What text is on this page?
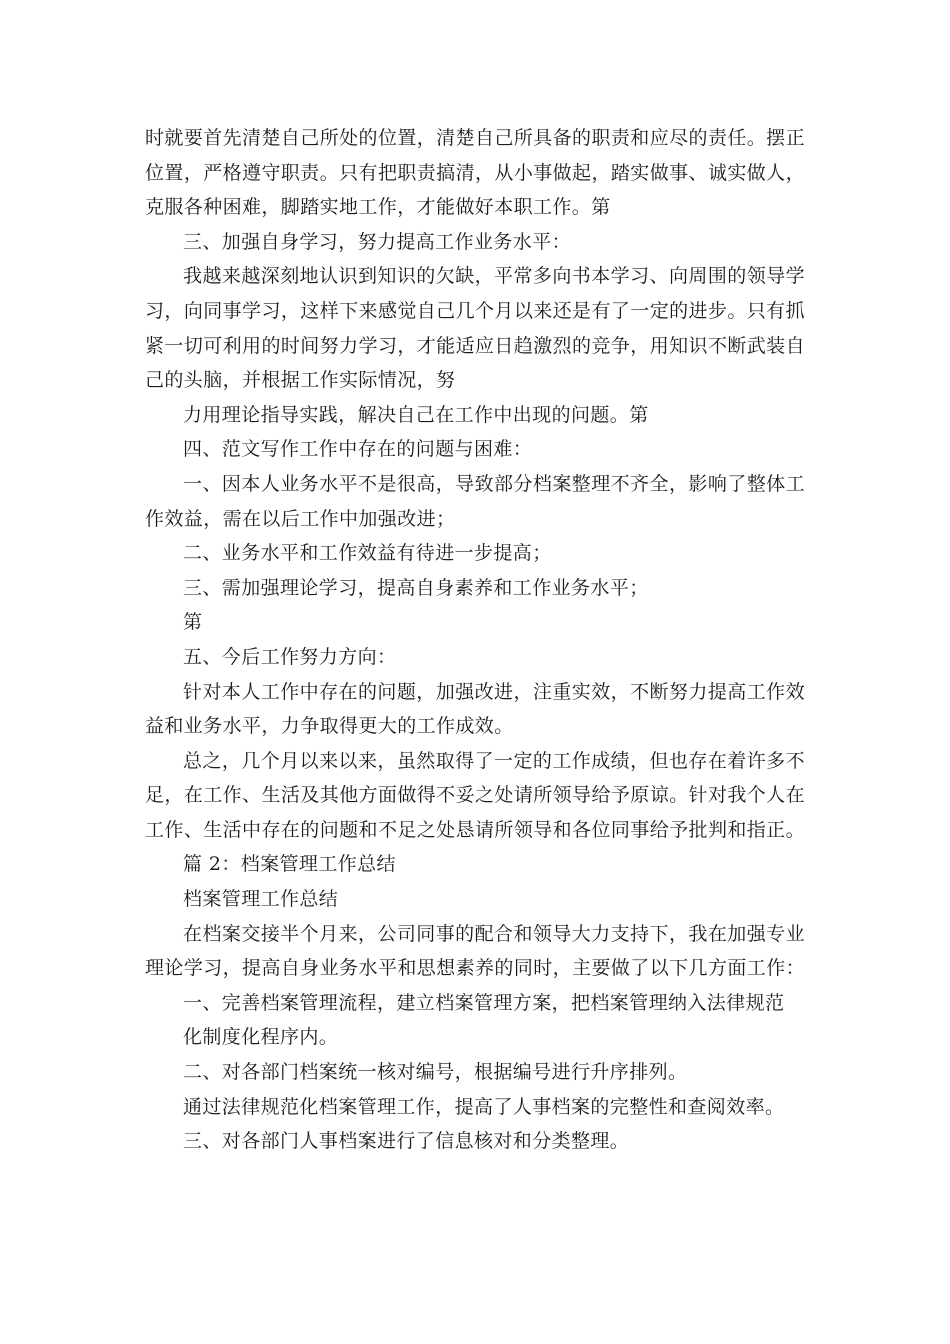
时就要首先清楚自己所处的位置，清楚自己所具备的职责和应尽的责任。摆正
位置，严格遵守职责。只有把职责搞清，从小事做起，踏实做事、诚实做人，
克服各种困难，脚踏实地工作，才能做好本职工作。第
三、加强自身学习，努力提高工作业务水平：
我越来越深刻地认识到知识的欠缺，平常多向书本学习、向周围的领导学
习，向同事学习，这样下来感觉自己几个月以来还是有了一定的进步。只有抓
紧一切可利用的时间努力学习，才能适应日趋激烈的竞争，用知识不断武装自
己的头脑，并根据工作实际情况，努
力用理论指导实践，解决自己在工作中出现的问题。第
四、范文写作工作中存在的问题与困难：
一、因本人业务水平不是很高，导致部分档案整理不齐全，影响了整体工
作效益，需在以后工作中加强改进；
二、业务水平和工作效益有待进一步提高；
三、需加强理论学习，提高自身素养和工作业务水平；
第
五、今后工作努力方向：
针对本人工作中存在的问题，加强改进，注重实效，不断努力提高工作效
益和业务水平，力争取得更大的工作成效。
总之，几个月以来以来，虽然取得了一定的工作成绩，但也存在着许多不
足，在工作、生活及其他方面做得不妥之处请所领导给予原谅。针对我个人在
工作、生活中存在的问题和不足之处恳请所领导和各位同事给予批判和指正。
篇 2：档案管理工作总结
档案管理工作总结
在档案交接半个月来，公司同事的配合和领导大力支持下，我在加强专业
理论学习，提高自身业务水平和思想素养的同时，主要做了以下几方面工作：
一、完善档案管理流程，建立档案管理方案，把档案管理纳入法律规范
化制度化程序内。
二、对各部门档案统一核对编号，根据编号进行升序排列。
通过法律规范化档案管理工作，提高了人事档案的完整性和查阅效率。
三、对各部门人事档案进行了信息核对和分类整理。
